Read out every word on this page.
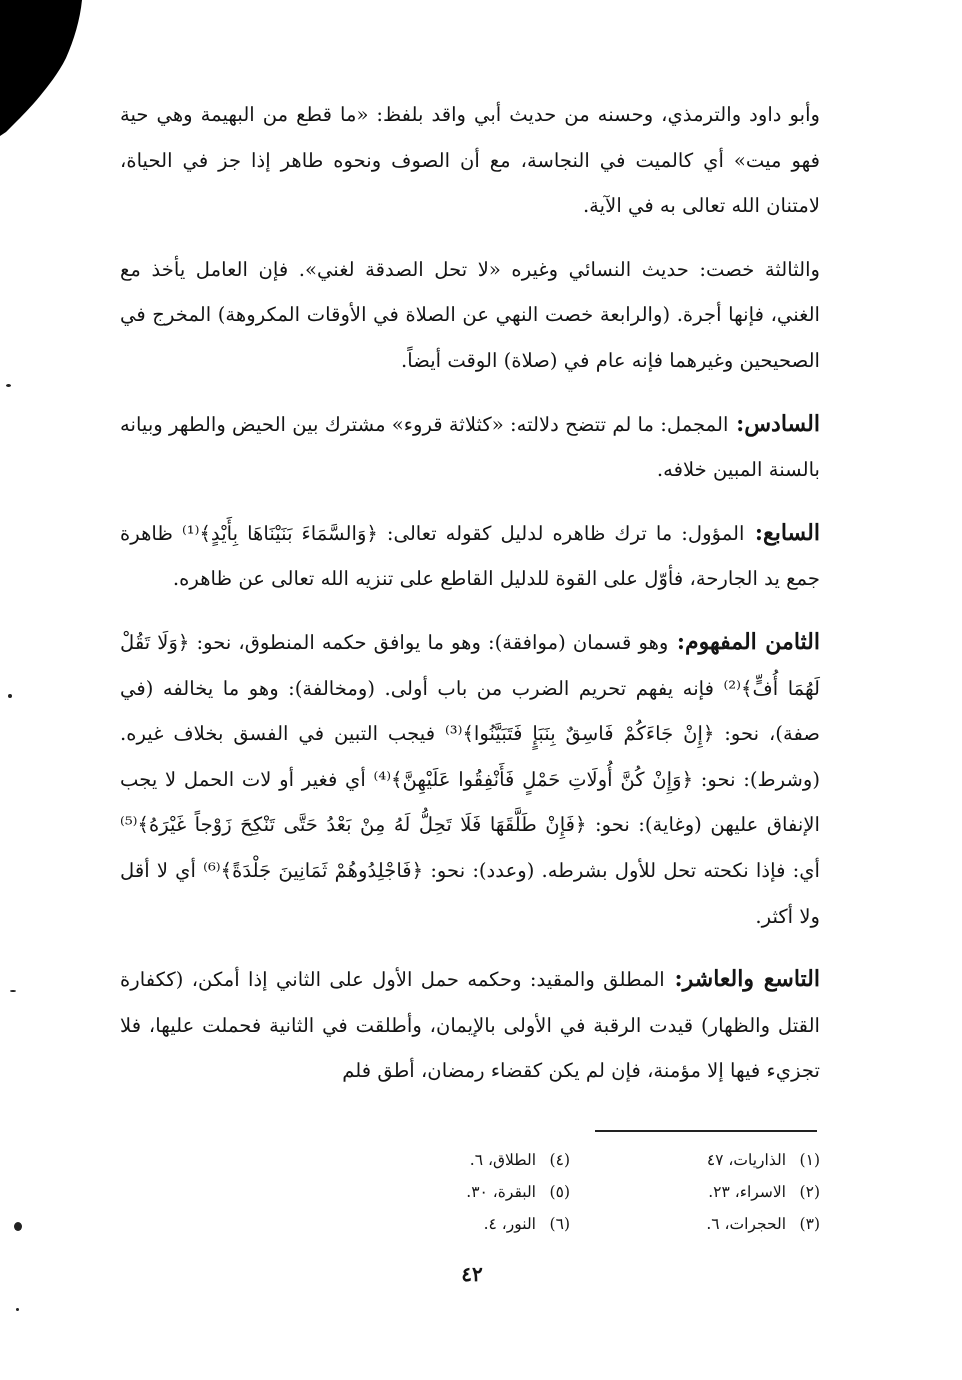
وأبو داود والترمذي، وحسنه من حديث أبي واقد بلفظ: «ما قطع من البهيمة وهي حية فهو ميت» أي كالميت في النجاسة، مع أن الصوف ونحوه طاهر إذا جز في الحياة، لامتنان الله تعالى به في الآية.

والثالثة خصت: حديث النسائي وغيره «لا تحل الصدقة لغني». فإن العامل يأخذ مع الغني، فإنها أجرة. (والرابعة خصت النهي عن الصلاة في الأوقات المكروهة) المخرج في الصحيحين وغيرهما فإنه عام في (صلاة) الوقت أيضاً.

السادس: المجمل: ما لم تتضح دلالته: «كثلاثة قروء» مشترك بين الحيض والطهر وبيانه بالسنة المبين خلافه.

السابع: المؤول: ما ترك ظاهره لدليل كقوله تعالى: ﴿وَالسَّمَاءَ بَنَيْنَاهَا بِأَيْدٍ﴾⁽¹⁾ ظاهرة جمع يد الجارحة، فأوّل على القوة للدليل القاطع على تنزيه الله تعالى عن ظاهره.

الثامن المفهوم: وهو قسمان (موافقة): وهو ما يوافق حكمه المنطوق، نحو: ﴿وَلَا تَقُلْ لَهُمَا أُفٍّ﴾⁽²⁾ فإنه يفهم تحريم الضرب من باب أولى. (ومخالفة): وهو ما يخالفه (في صفة)، نحو: ﴿إِنْ جَاءَكُمْ فَاسِقٌ بِنَبَإٍ فَتَبَيَّنُوا﴾⁽³⁾ فيجب التبين في الفسق بخلاف غيره. (وشرط): نحو: ﴿وَإِنْ كُنَّ أُولَاتِ حَمْلٍ فَأَنْفِقُوا عَلَيْهِنَّ﴾⁽⁴⁾ أي فغير أو لات الحمل لا يجب الإنفاق عليهن (وغاية): نحو: ﴿فَإِنْ طَلَّقَهَا فَلَا تَحِلُّ لَهُ مِنْ بَعْدُ حَتَّى تَنْكِحَ زَوْجاً غَيْرَهُ﴾⁽⁵⁾ أي: فإذا نكحته تحل للأول بشرطه. (وعدد): نحو: ﴿فَاجْلِدُوهُمْ ثَمَانِينَ جَلْدَةً﴾⁽⁶⁾ أي لا أقل ولا أكثر.

التاسع والعاشر: المطلق والمقيد: وحكمه حمل الأول على الثاني إذا أمكن، (ككفارة القتل والظهار) قيدت الرقبة في الأولى بالإيمان، وأطلقت في الثانية فحملت عليها، فلا تجزيء فيها إلا مؤمنة، فإن لم يكن كقضاء رمضان، أطق فلم

(١)الذاريات، ٤٧
(٢)الاسراء، ٢٣.
(٣)الحجرات، ٦.
(٤)الطلاق، ٦.
(٥)البقرة، ٣٠.
(٦)النور، ٤.
٤٢
